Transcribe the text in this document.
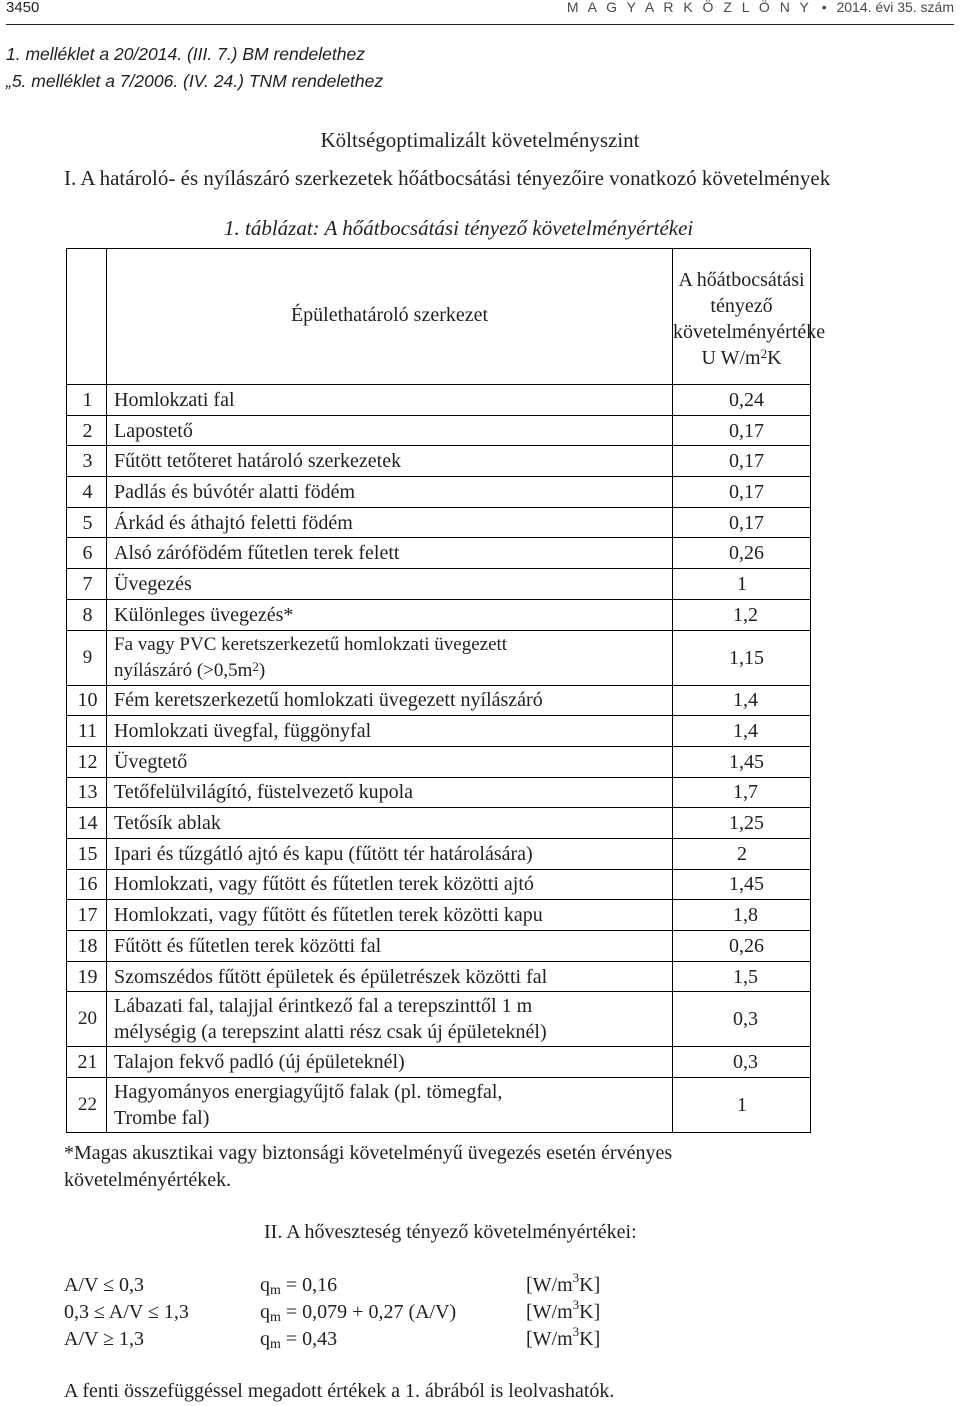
3450	M A G Y A R K Ö Z L Ö N Y • 2014. évi 35. szám
1. melléklet a 20/2014. (III. 7.) BM rendelethez
„5. melléklet a 7/2006. (IV. 24.) TNM rendelethez
Költségoptimalizált követelményszint
I. A határoló- és nyílászáró szerkezetek hőátbocsátási tényezőire vonatkozó követelmények
1. táblázat: A hőátbocsátási tényező követelményértékei
	Épülethatároló szerkezet	A hőátbocsátási
tényező
követelményértéke
U $W/m^2K$

1	Homlokzati fal	0,24
2	Lapostető	0,17
3	Fűtött tetőteret határoló szerkezetek	0,17
4	Padlás és búvótér alatti födém	0,17
5	Árkád és áthajtó feletti födém	0,17
6	Alsó zárófödém fűtetlen terek felett	0,26
7	Üvegezés	1
8	Különleges üvegezés*	1,2
9	Fa vagy PVC keretszerkezetű homlokzati üvegezett
nyílászáró $(>0,5m^2)$	1,15
10	Fém keretszerkezetű homlokzati üvegezett nyílászáró	1,4
11	Homlokzati üvegfal, függönyfal	1,4
12	Üvegtető	1,45
13	Tetőfelülvilágító, füstelvezető kupola	1,7
14	Tetősík ablak	1,25
15	Ipari és tűzgátló ajtó és kapu (fűtött tér határolására)	2
16	Homlokzati, vagy fűtött és fűtetlen terek közötti ajtó	1,45
17	Homlokzati, vagy fűtött és fűtetlen terek közötti kapu	1,8
18	Fűtött és fűtetlen terek közötti fal	0,26
19	Szomszédos fűtött épületek és épületrészek közötti fal	1,5
20	Lábazati fal, talajjal érintkező fal a terepszinttől 1 m
mélységig (a terepszint alatti rész csak új épületeknél)	0,3
21	Talajon fekvő padló (új épületeknél)	0,3
22	Hagyományos energiagyűjtő falak (pl. tömegfal,
Trombe fal)	1
*Magas akusztikai vagy biztonsági követelményű üvegezés esetén érvényes
követelményértékek.
II. A hőveszteség tényező követelményértékei:
A/V ≤ 0,3	qm = 0,16	$[W/m^3K]$
0,3 ≤ A/V ≤ 1,3	qm = 0,079 + 0,27 (A/V)	$[W/m^3K]$
A/V ≥ 1,3	qm = 0,43	$[W/m^3K]$
A fenti összefüggéssel megadott értékek a 1. ábrából is leolvashatók.
